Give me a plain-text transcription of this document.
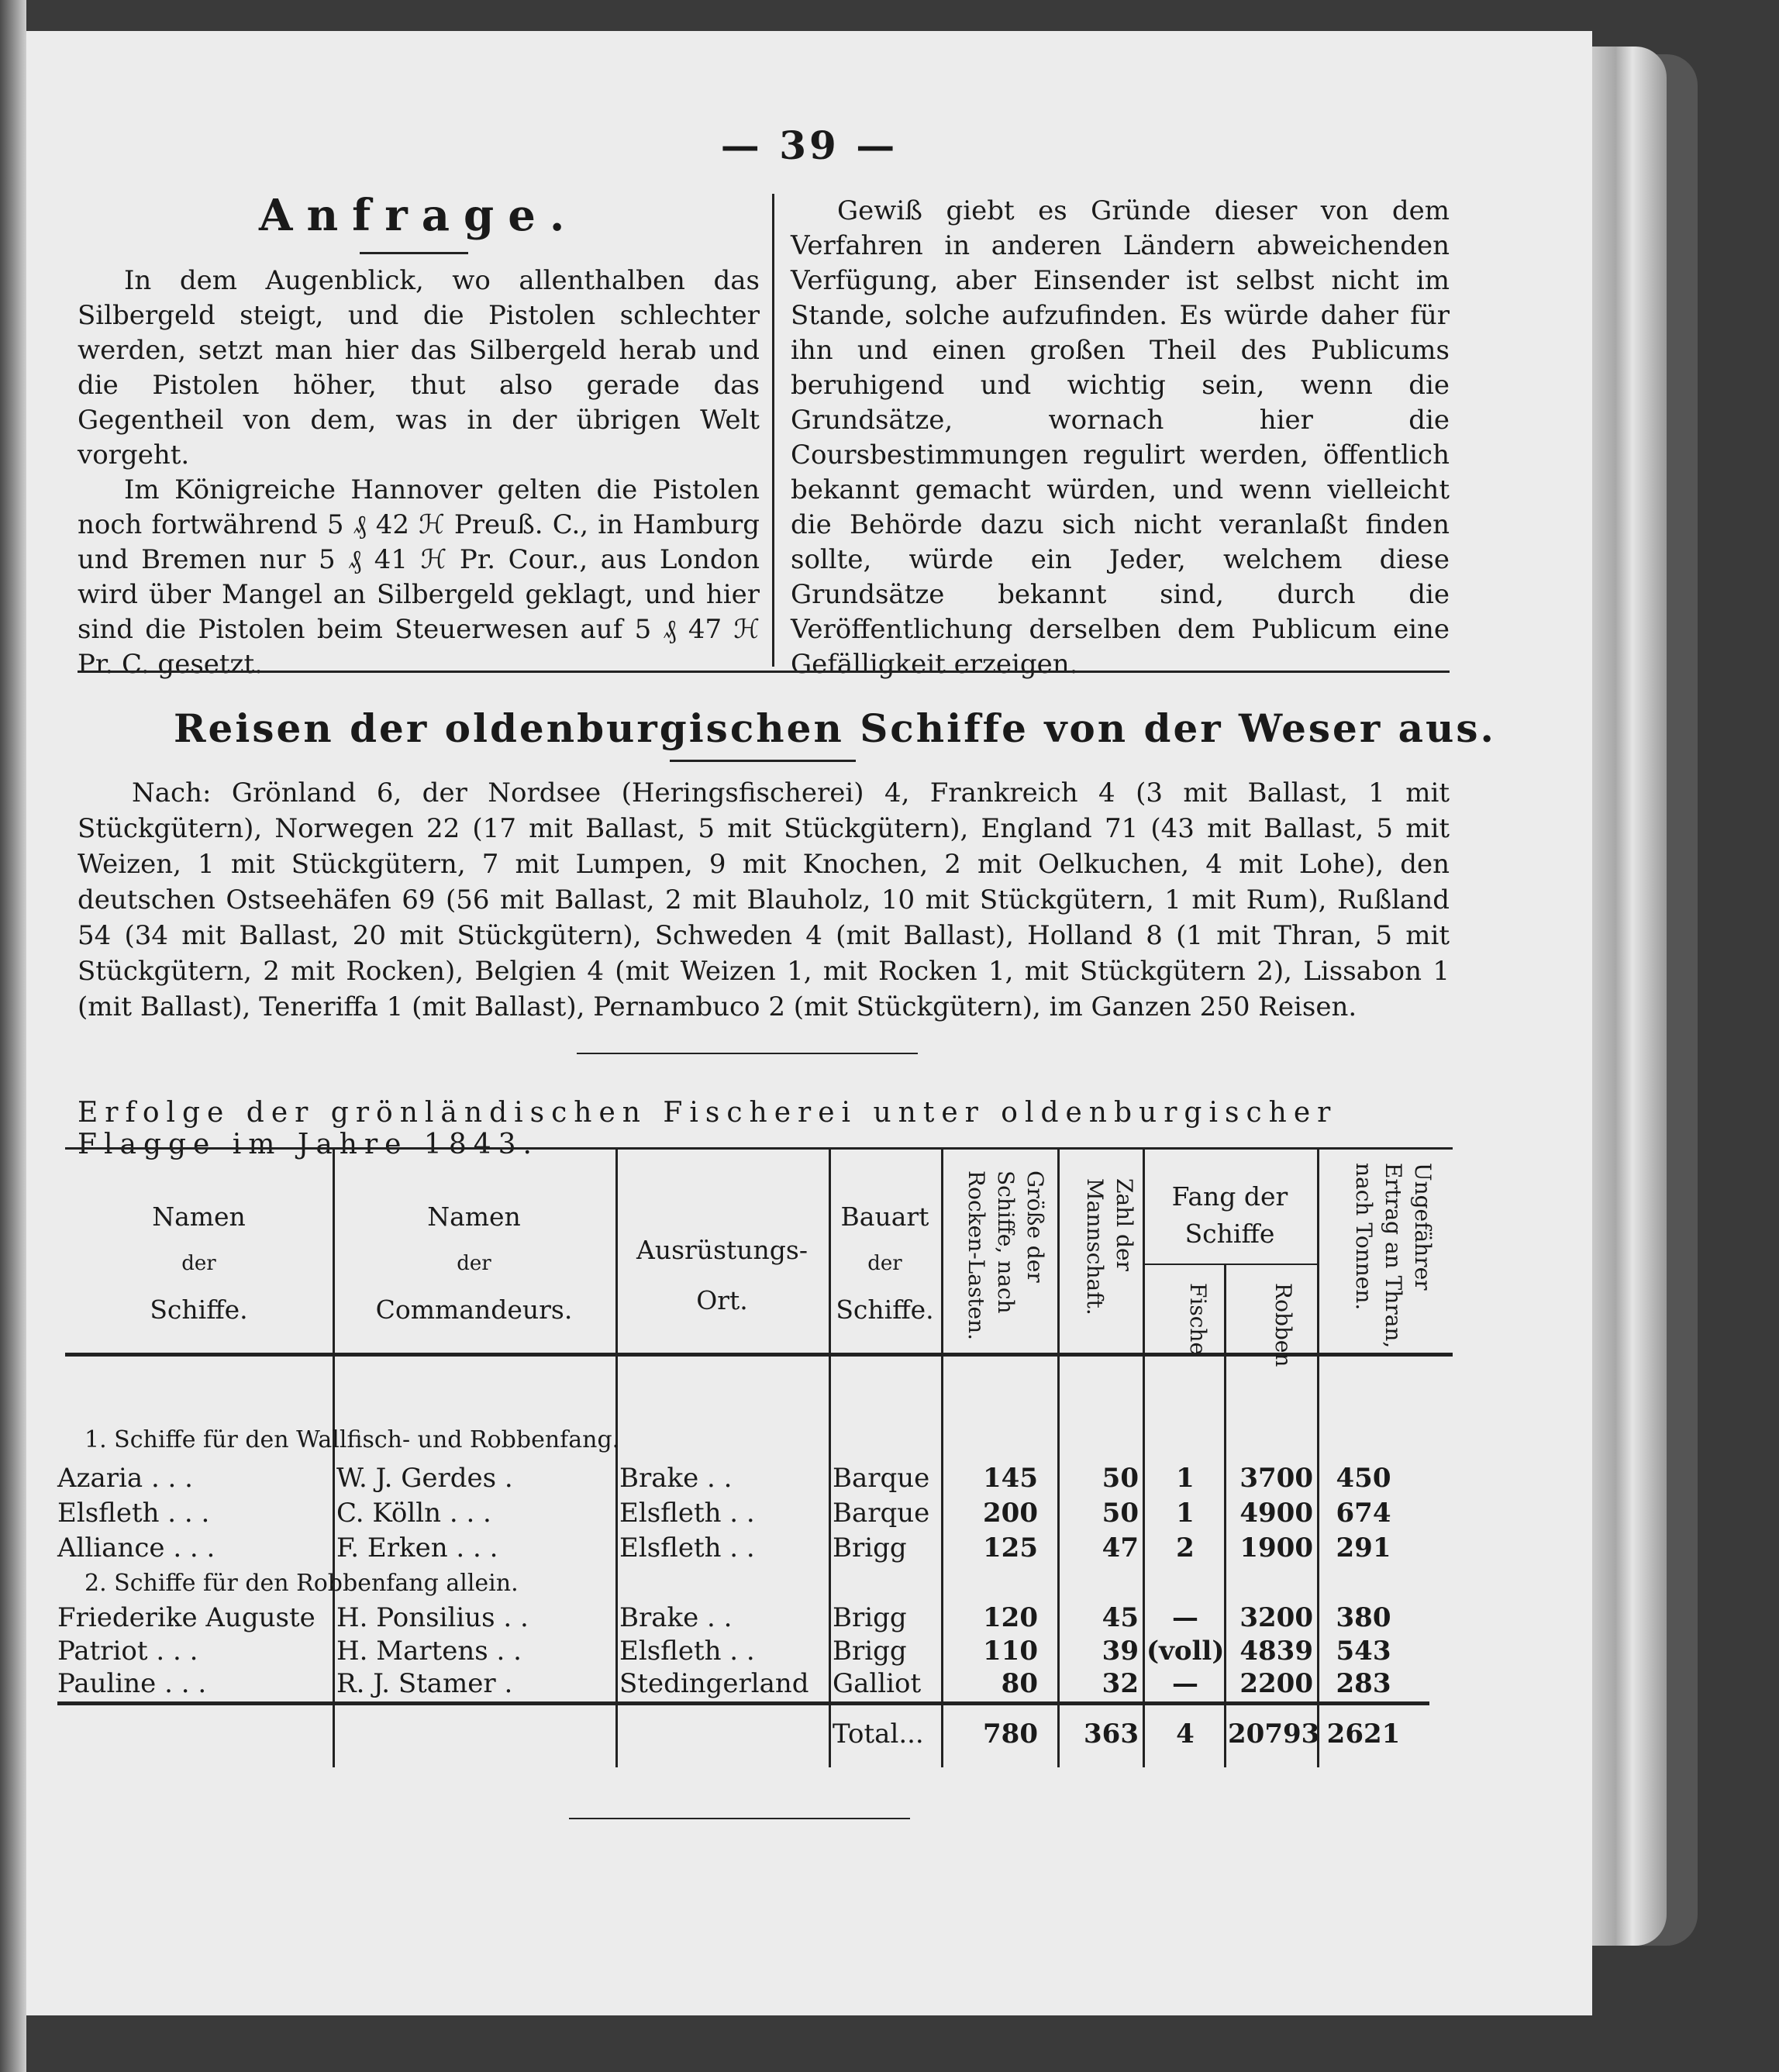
— 39 —
Anfrage.

In dem Augenblick, wo allenthalben das Silbergeld steigt, und die Pistolen schlechter werden, setzt man hier das Silbergeld herab und die Pistolen höher, thut also gerade das Gegentheil von dem, was in der übrigen Welt vorgeht.

Im Königreiche Hannover gelten die Pistolen noch fortwährend 5 ₰ 42 ℋ Preuß. C., in Hamburg und Bremen nur 5 ₰ 41 ℋ Pr. Cour., aus London wird über Mangel an Silbergeld geklagt, und hier sind die Pistolen beim Steuerwesen auf 5 ₰ 47 ℋ Pr. C. gesetzt.

Gewiß giebt es Gründe dieser von dem Verfahren in anderen Ländern abweichenden Verfügung, aber Einsender ist selbst nicht im Stande, solche aufzufinden. Es würde daher für ihn und einen großen Theil des Publicums beruhigend und wichtig sein, wenn die Grundsätze, wornach hier die Coursbestimmungen regulirt werden, öffentlich bekannt gemacht würden, und wenn vielleicht die Behörde dazu sich nicht veranlaßt finden sollte, würde ein Jeder, welchem diese Grundsätze bekannt sind, durch die Veröffentlichung derselben dem Publicum eine Gefälligkeit erzeigen.

Reisen der oldenburgischen Schiffe von der Weser aus.

Nach: Grönland 6, der Nordsee (Heringsfischerei) 4, Frankreich 4 (3 mit Ballast, 1 mit Stückgütern), Norwegen 22 (17 mit Ballast, 5 mit Stückgütern), England 71 (43 mit Ballast, 5 mit Weizen, 1 mit Stückgütern, 7 mit Lumpen, 9 mit Knochen, 2 mit Oelkuchen, 4 mit Lohe), den deutschen Ostseehäfen 69 (56 mit Ballast, 2 mit Blauholz, 10 mit Stückgütern, 1 mit Rum), Rußland 54 (34 mit Ballast, 20 mit Stückgütern), Schweden 4 (mit Ballast), Holland 8 (1 mit Thran, 5 mit Stückgütern, 2 mit Rocken), Belgien 4 (mit Weizen 1, mit Rocken 1, mit Stückgütern 2), Lissabon 1 (mit Ballast), Teneriffa 1 (mit Ballast), Pernambuco 2 (mit Stückgütern), im Ganzen 250 Reisen.

Erfolge der grönländischen Fischerei unter oldenburgischer Flagge im Jahre 1843.
Namen
der
Schiffe.
Namen
der
Commandeurs.
Ausrüstungs-
Ort.
Bauart
der
Schiffe.
Größe der Schiffe, nach Rocken-Lasten.	Zahl der Mannschaft.	Fang der Schiffe
Fische	Robben
Ungefährer Ertrag an Thran, nach Tonnen.
1. Schiffe für den Wallfisch- und Robbenfang.
Azaria . . .	W. J. Gerdes .	Brake . .	Barque	145	50	1	3700 450
Elsfleth . . .	C. Kölln . . .	Elsfleth . .	Barque	200	50	1	4900 674
Alliance . . .	F. Erken . . .	Elsfleth . .	Brigg	125	47	2	1900 291
2. Schiffe für den Robbenfang allein.
Friederike Auguste H. Ponsilius . .	Brake . .	Brigg	120	45	—	3200 380
Patriot . . .	H. Martens . .	Elsfleth . .	Brigg	110	39 (voll) 4839 543
Pauline . . .	R. J. Stamer .	Stedingerland Galliot	80	32	—	2200 283
Total...	780	363	4	20793 2621
